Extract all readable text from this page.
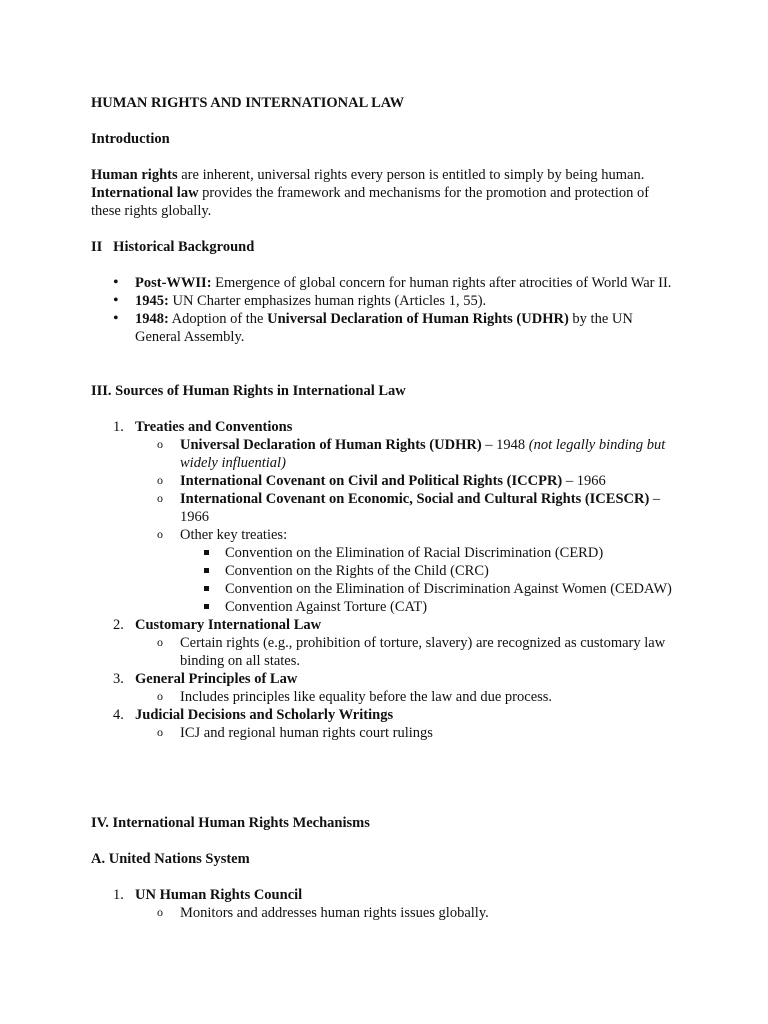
HUMAN RIGHTS AND INTERNATIONAL LAW

Introduction

Human rights are inherent, universal rights every person is entitled to simply by being human.
International law provides the framework and mechanisms for the promotion and protection of these rights globally.

II   Historical Background

• Post-WWII: Emergence of global concern for human rights after atrocities of World War II.
• 1945: UN Charter emphasizes human rights (Articles 1, 55).
• 1948: Adoption of the Universal Declaration of Human Rights (UDHR) by the UN General Assembly.

III. Sources of Human Rights in International Law

1. Treaties and Conventions
o Universal Declaration of Human Rights (UDHR) – 1948 (not legally binding but widely influential)
o International Covenant on Civil and Political Rights (ICCPR) – 1966
o International Covenant on Economic, Social and Cultural Rights (ICESCR) – 1966
o Other key treaties:
Convention on the Elimination of Racial Discrimination (CERD)
Convention on the Rights of the Child (CRC)
Convention on the Elimination of Discrimination Against Women (CEDAW)
Convention Against Torture (CAT)
2. Customary International Law
o Certain rights (e.g., prohibition of torture, slavery) are recognized as customary law binding on all states.
3. General Principles of Law
o Includes principles like equality before the law and due process.
4. Judicial Decisions and Scholarly Writings
o ICJ and regional human rights court rulings

IV. International Human Rights Mechanisms

A. United Nations System

1. UN Human Rights Council
o Monitors and addresses human rights issues globally.
